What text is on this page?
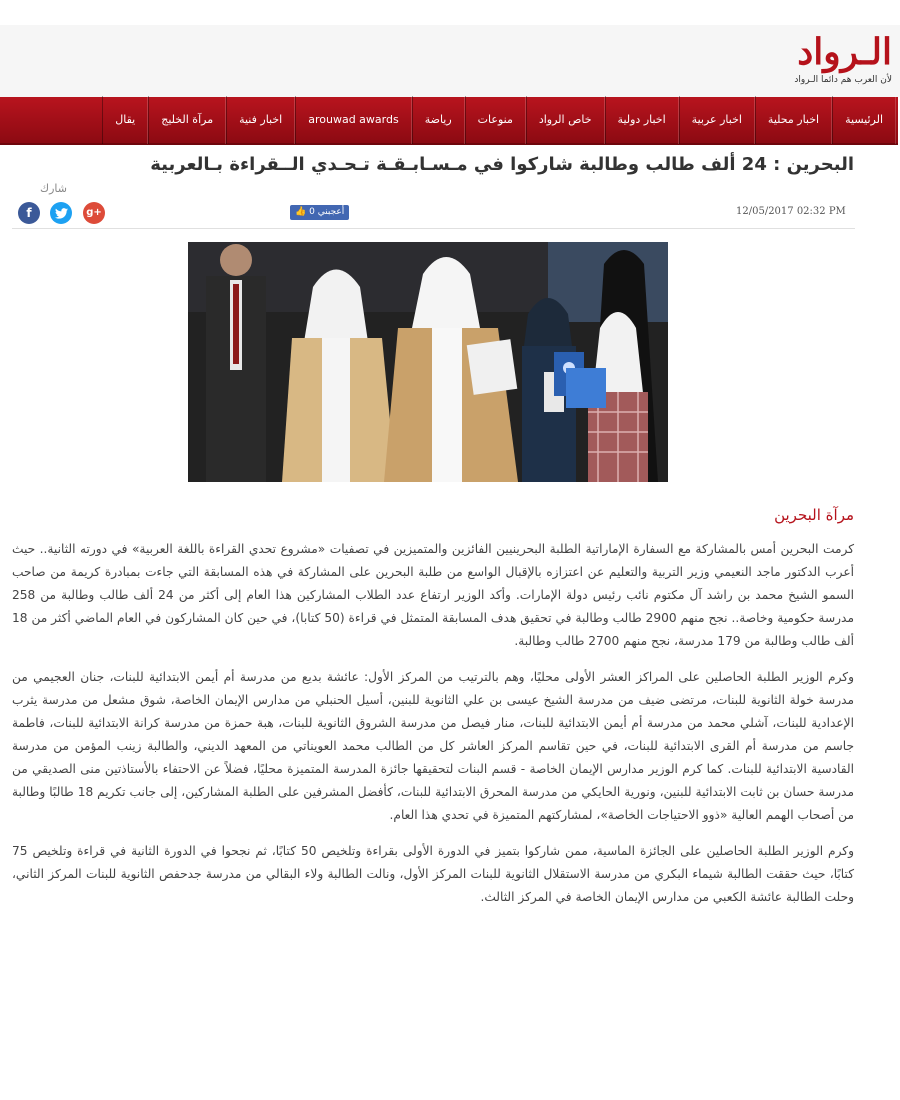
الـرواد
لأن العرب هم دائما الـرواد
الرئيسية
اخبار محلية
اخبار عربية
اخبار دولية
خاص الرواد
منوعات
رياضة
arouwad awards
اخبار فنية
مرآة الخليج
يقال
البحرين : 24 ألف طالب وطالبة شاركوا في مـسـابـقـة تـحـدي الــقراءة بـالعربية
شارك
f	g+	👍 أعجبني 0	12/05/2017 02:32 PM
مرآة البحرين

كرمت البحرين أمس بالمشاركة مع السفارة الإماراتية الطلبة البحرينيين الفائزين والمتميزين في تصفيات «مشروع تحدي القراءة باللغة العربية» في دورته الثانية.. حيث أعرب الدكتور ماجد النعيمي وزير التربية والتعليم عن اعتزازه بالإقبال الواسع من طلبة البحرين على المشاركة في هذه المسابقة التي جاءت بمبادرة كريمة من صاحب السمو الشيخ محمد بن راشد آل مكتوم نائب رئيس دولة الإمارات. وأكد الوزير ارتفاع عدد الطلاب المشاركين هذا العام إلى أكثر من 24 ألف طالب وطالبة من 258 مدرسة حكومية وخاصة.. نجح منهم 2900 طالب وطالبة في تحقيق هدف المسابقة المتمثل في قراءة (50 كتابا)، في حين كان المشاركون في العام الماضي أكثر من 18 ألف طالب وطالبة من 179 مدرسة، نجح منهم 2700 طالب وطالبة.

وكرم الوزير الطلبة الحاصلين على المراكز العشر الأولى محليًا، وهم بالترتيب من المركز الأول: عائشة بديع من مدرسة أم أيمن الابتدائية للبنات، جنان العجيمي من مدرسة خولة الثانوية للبنات، مرتضى ضيف من مدرسة الشيخ عيسى بن علي الثانوية للبنين، أسيل الحنبلي من مدارس الإيمان الخاصة، شوق مشعل من مدرسة يثرب الإعدادية للبنات، آشلي محمد من مدرسة أم أيمن الابتدائية للبنات، منار فيصل من مدرسة الشروق الثانوية للبنات، هبة حمزة من مدرسة كرانة الابتدائية للبنات، فاطمة جاسم من مدرسة أم القرى الابتدائية للبنات، في حين تقاسم المركز العاشر كل من الطالب محمد العويناتي من المعهد الديني، والطالبة زينب المؤمن من مدرسة القادسية الابتدائية للبنات. كما كرم الوزير مدارس الإيمان الخاصة - قسم البنات لتحقيقها جائزة المدرسة المتميزة محليًا، فضلاً عن الاحتفاء بالأستاذتين منى الصديقي من مدرسة حسان بن ثابت الابتدائية للبنين، ونورية الحايكي من مدرسة المحرق الابتدائية للبنات، كأفضل المشرفين على الطلبة المشاركين، إلى جانب تكريم 18 طالبًا وطالبة من أصحاب الهمم العالية «ذوو الاحتياجات الخاصة»، لمشاركتهم المتميزة في تحدي هذا العام.

وكرم الوزير الطلبة الحاصلين على الجائزة الماسية، ممن شاركوا بتميز في الدورة الأولى بقراءة وتلخيص 50 كتابًا، ثم نجحوا في الدورة الثانية في قراءة وتلخيص 75 كتابًا، حيث حققت الطالبة شيماء البكري من مدرسة الاستقلال الثانوية للبنات المركز الأول، ونالت الطالبة ولاء البقالي من مدرسة جدحفص الثانوية للبنات المركز الثاني، وحلت الطالبة عائشة الكعبي من مدارس الإيمان الخاصة في المركز الثالث.
